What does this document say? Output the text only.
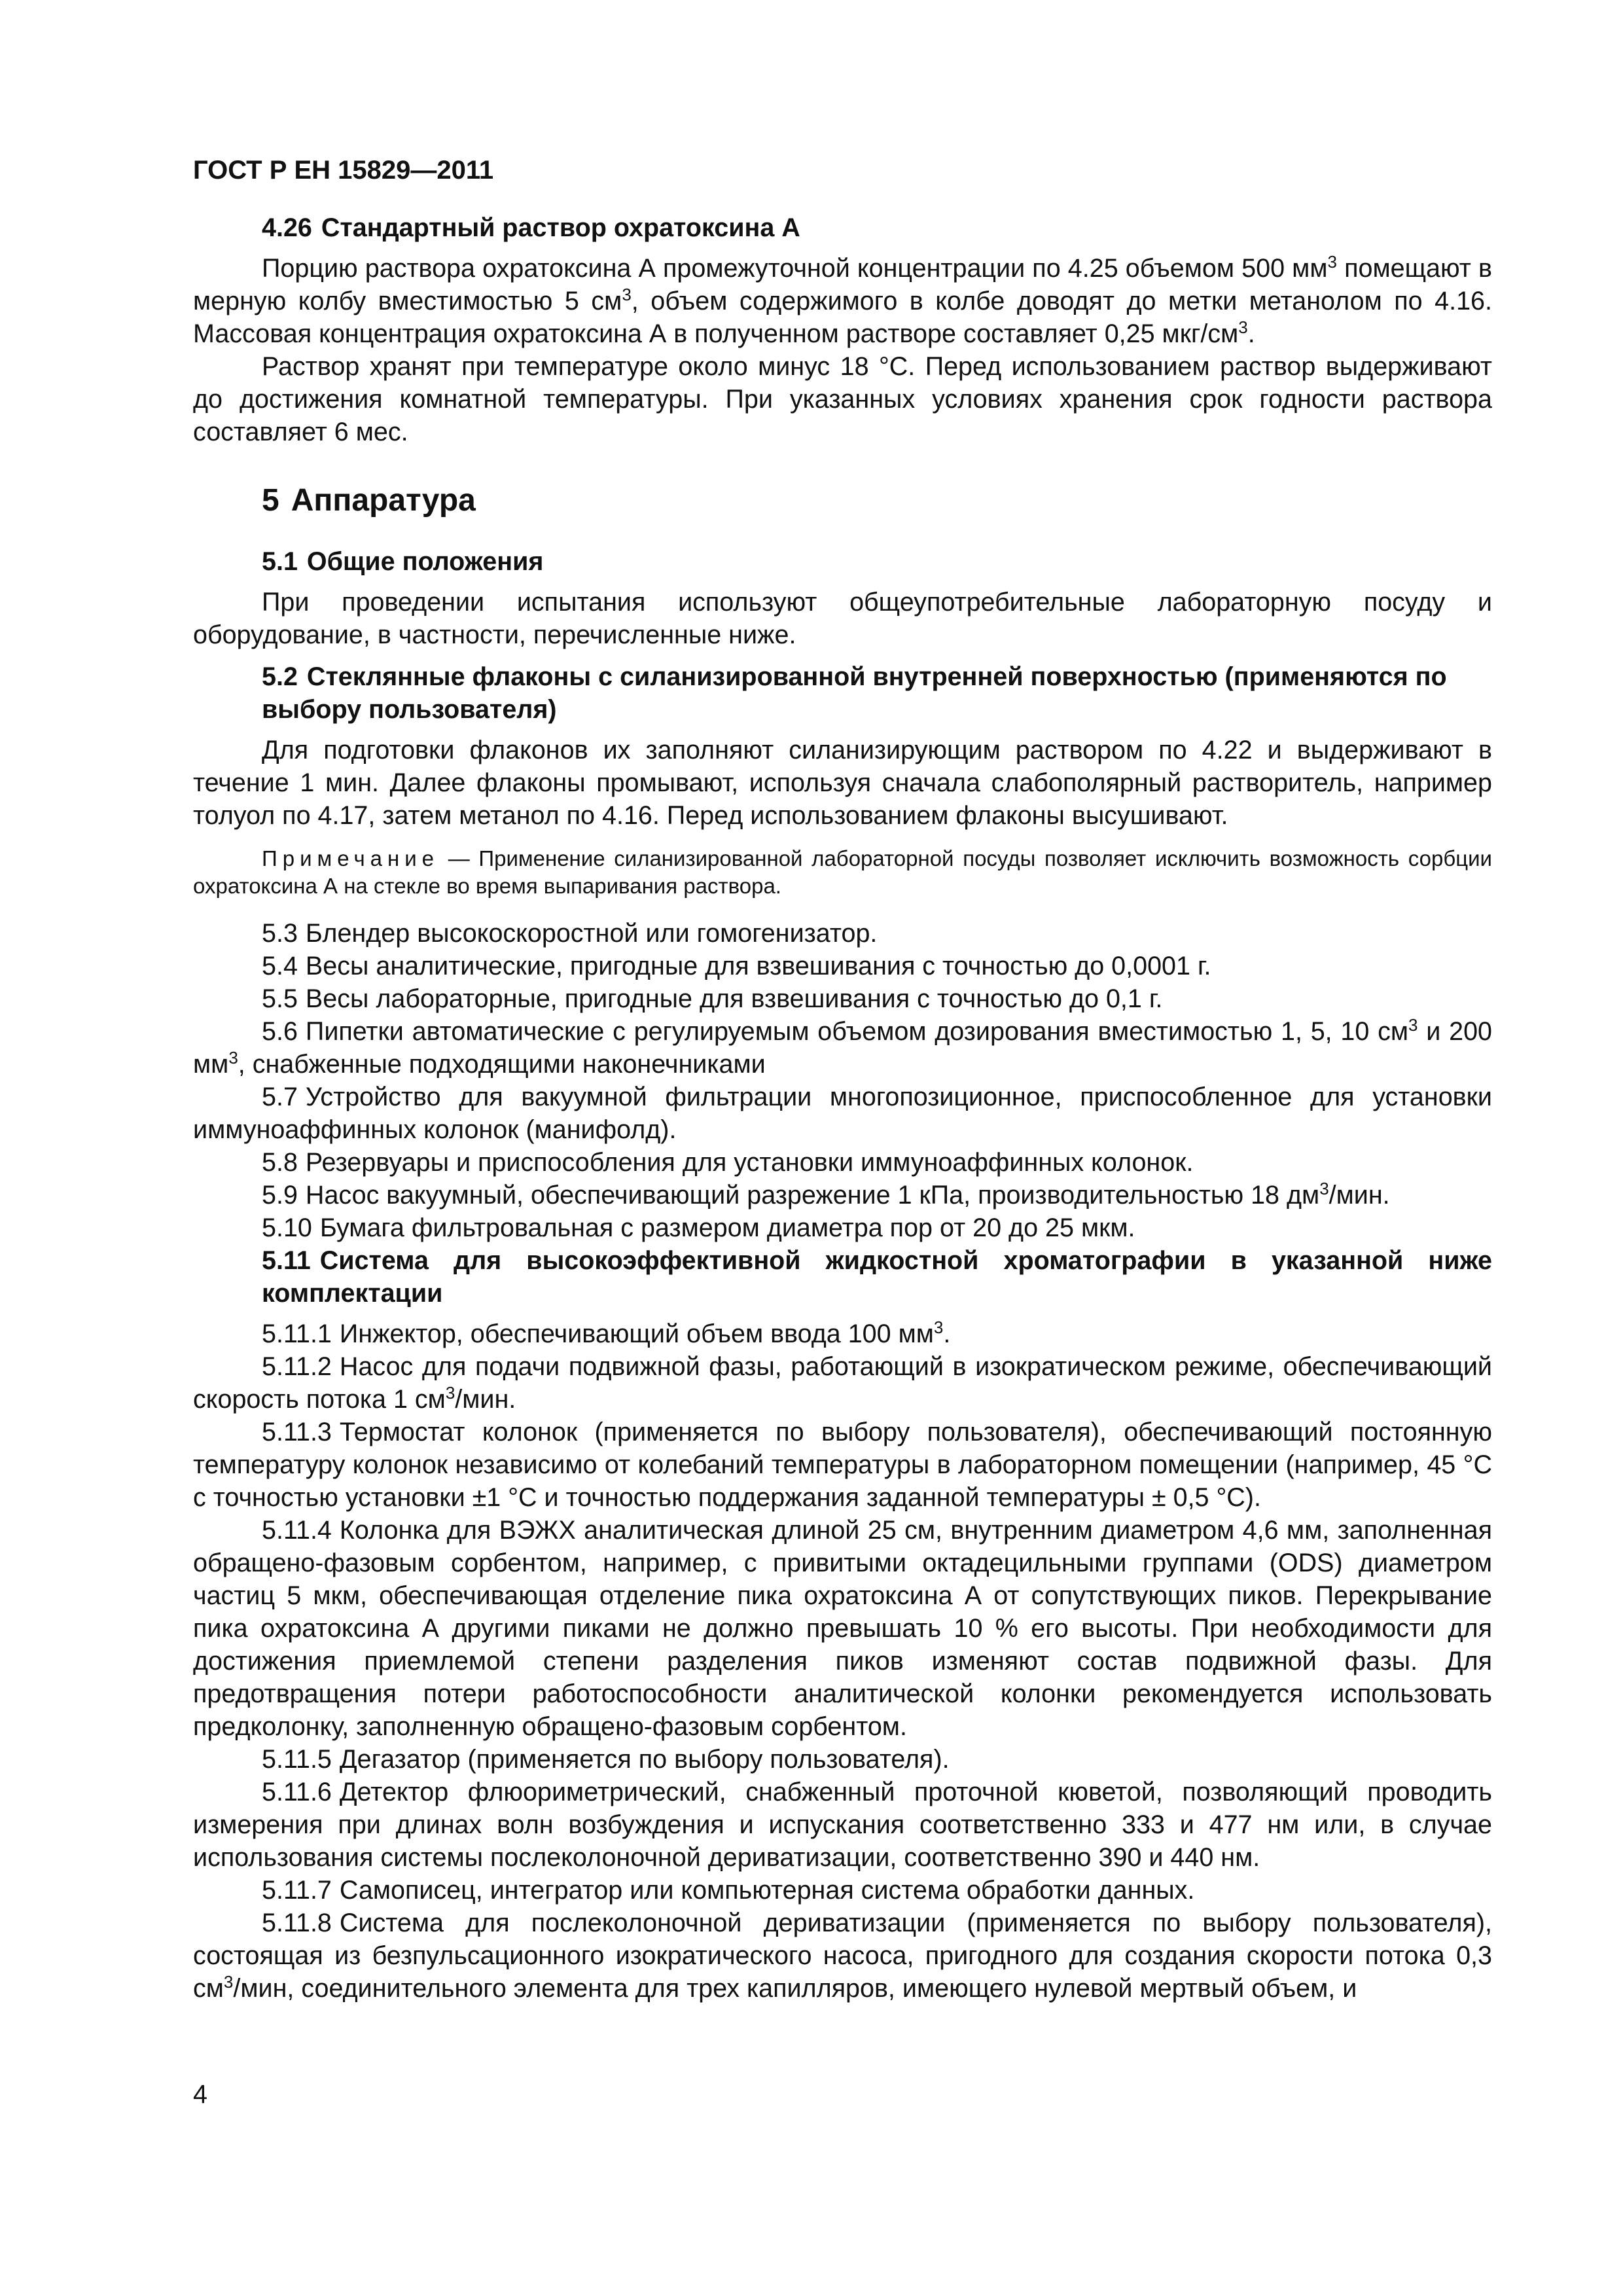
ГОСТ Р ЕН 15829—2011
4.26 Стандартный раствор охратоксина А

Порцию раствора охратоксина А промежуточной концентрации по 4.25 объемом 500 $мм^3$ помещают в мерную колбу вместимостью 5 $см^3$, объем содержимого в колбе доводят до метки метанолом по 4.16. Массовая концентрация охратоксина А в полученном растворе составляет 0,25 мкг/$см^3$.

Раствор хранят при температуре около минус 18 °С. Перед использованием раствор выдерживают до достижения комнатной температуры. При указанных условиях хранения срок годности раствора составляет 6 мес.

5 Аппаратура
5.1 Общие положения

При проведении испытания используют общеупотребительные лабораторную посуду и оборудование, в частности, перечисленные ниже.

5.2 Стеклянные флаконы с силанизированной внутренней поверхностью (применяются по выбору пользователя)

Для подготовки флаконов их заполняют силанизирующим раствором по 4.22 и выдерживают в течение 1 мин. Далее флаконы промывают, используя сначала слабополярный растворитель, например толуол по 4.17, затем метанол по 4.16. Перед использованием флаконы высушивают.

Примечание — Применение силанизированной лабораторной посуды позволяет исключить возможность сорбции охратоксина А на стекле во время выпаривания раствора.

5.3 Блендер высокоскоростной или гомогенизатор.

5.4 Весы аналитические, пригодные для взвешивания с точностью до 0,0001 г.

5.5 Весы лабораторные, пригодные для взвешивания с точностью до 0,1 г.

5.6 Пипетки автоматические с регулируемым объемом дозирования вместимостью 1, 5, 10 $см^3$ и 200 $мм^3$, снабженные подходящими наконечниками

5.7 Устройство для вакуумной фильтрации многопозиционное, приспособленное для установки иммуноаффинных колонок (манифолд).

5.8 Резервуары и приспособления для установки иммуноаффинных колонок.

5.9 Насос вакуумный, обеспечивающий разрежение 1 кПа, производительностью 18 $дм^3$/мин.

5.10 Бумага фильтровальная с размером диаметра пор от 20 до 25 мкм.

5.11 Система для высокоэффективной жидкостной хроматографии в указанной ниже комплектации

5.11.1 Инжектор, обеспечивающий объем ввода 100 $мм^3$.

5.11.2 Насос для подачи подвижной фазы, работающий в изократическом режиме, обеспечивающий скорость потока 1 $см^3$/мин.

5.11.3 Термостат колонок (применяется по выбору пользователя), обеспечивающий постоянную температуру колонок независимо от колебаний температуры в лабораторном помещении (например, 45 °С с точностью установки ±1 °С и точностью поддержания заданной температуры ± 0,5 °С).

5.11.4 Колонка для ВЭЖХ аналитическая длиной 25 см, внутренним диаметром 4,6 мм, заполненная обращено-фазовым сорбентом, например, с привитыми октадецильными группами (ODS) диаметром частиц 5 мкм, обеспечивающая отделение пика охратоксина А от сопутствующих пиков. Перекрывание пика охратоксина А другими пиками не должно превышать 10 % его высоты. При необходимости для достижения приемлемой степени разделения пиков изменяют состав подвижной фазы. Для предотвращения потери работоспособности аналитической колонки рекомендуется использовать предколонку, заполненную обращено-фазовым сорбентом.

5.11.5 Дегазатор (применяется по выбору пользователя).

5.11.6 Детектор флюориметрический, снабженный проточной кюветой, позволяющий проводить измерения при длинах волн возбуждения и испускания соответственно 333 и 477 нм или, в случае использования системы послеколоночной дериватизации, соответственно 390 и 440 нм.

5.11.7 Самописец, интегратор или компьютерная система обработки данных.

5.11.8 Система для послеколоночной дериватизации (применяется по выбору пользователя), состоящая из безпульсационного изократического насоса, пригодного для создания скорости потока 0,3 $см^3$/мин, соединительного элемента для трех капилляров, имеющего нулевой мертвый объем, и

4
